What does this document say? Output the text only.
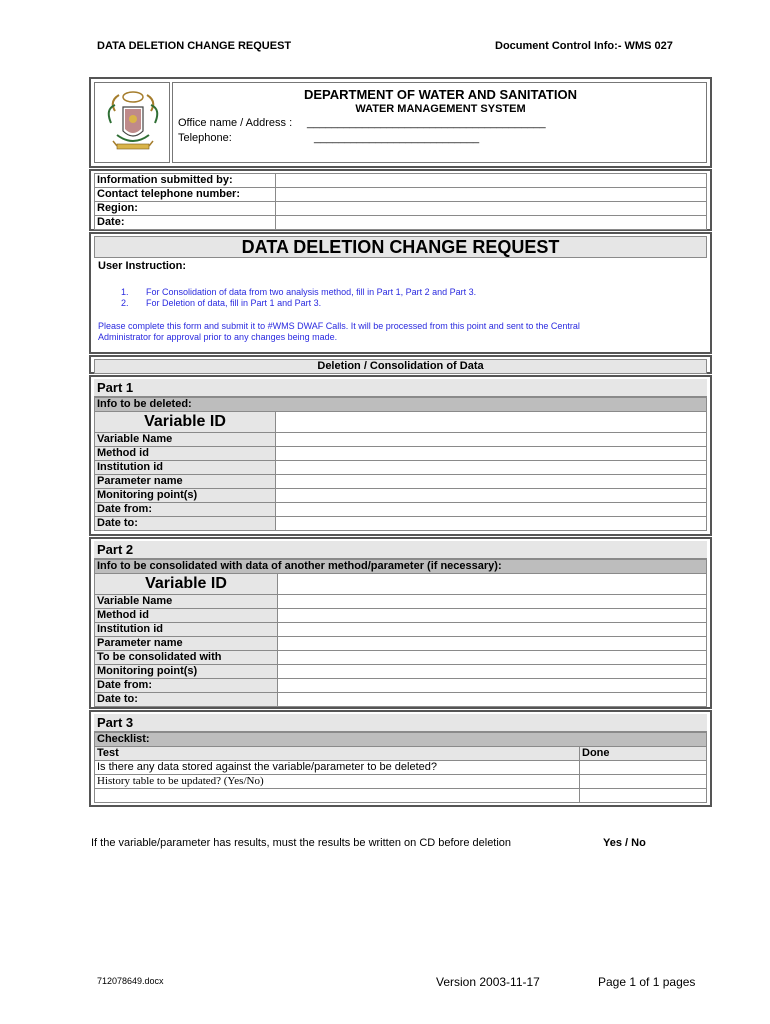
DATA DELETION CHANGE REQUEST	Document Control Info:- WMS 027
DEPARTMENT OF WATER AND SANITATION
WATER MANAGEMENT SYSTEM
Office name / Address : _______________________________________
Telephone:	___________________________
Information submitted by:	
Contact telephone number:	
Region:	
Date:	
DATA DELETION CHANGE REQUEST
User Instruction:
1. For Consolidation of data from two analysis method, fill in Part 1, Part 2 and Part 3.
2. For Deletion of data, fill in Part 1 and Part 3.
Please complete this form and submit it to #WMS DWAF Calls. It will be processed from this point and sent to the Central
Administrator for approval prior to any changes being made.
Deletion / Consolidation of Data
Part 1
Info to be deleted:	
Variable ID	
Variable Name	
Method id	
Institution id	
Parameter name	
Monitoring point(s)	
Date from:	
Date to:	
Part 2
Info to be consolidated with data of another method/parameter (if necessary):	
Variable ID	
Variable Name	
Method id	
Institution id	
Parameter name	
To be consolidated with	
Monitoring point(s)	
Date from:	
Date to:	
Part 3
Checklist:	
Test	Done
Is there any data stored against the variable/parameter to be deleted?	
History table to be updated? (Yes/No)	

If the variable/parameter has results, must the results be written on CD before deletion	Yes / No
712078649.docx	Version 2003-11-17	Page 1 of 1 pages
